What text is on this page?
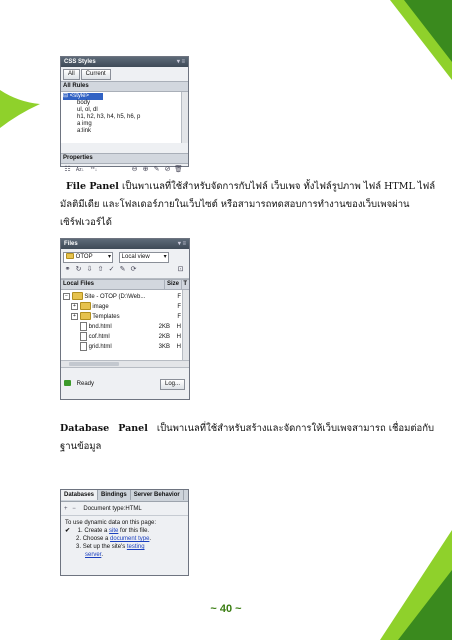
CSS Styles	▾ ≡
All Current
All Rules
⊟ <style>
body
ul, ol, dl
h1, h2, h3, h4, h5, h6, p
a img
a:link
Properties
☷ Az↓ **↓	⊖ ⊕ ✎ ⊘ 🗑
File Panel เป็นพาเนลที่ใช้สำหรับจัดการกับไฟล์ เว็บเพจ ทั้งไฟล์รูปภาพ ไฟล์ HTML ไฟล์
มัลติมีเดีย และโฟลเดอร์ภายในเว็บไซต์ หรือสามารถทดสอบการทำงานของเว็บเพจผ่าน
เซิร์ฟเวอร์ได้
Files	▾ ≡
OTOP	▾ Local view ▾
⚭ ↻ ⇩ ⇧ ✓ ✎ ⟳	⊡
Local Files	Size T
−	Site - OTOP (D:\Web...	F
+	image	F
+	Templates	F
bnd.html	2KB H
cof.html	2KB H
grid.html	3KB H
Ready	Log...
Database Panel เป็นพาเนลที่ใช้สำหรับสร้างและจัดการให้เว็บเพจสามารถ เชื่อมต่อกับ
ฐานข้อมูล
Databases Bindings Server Behavior
+ − Document type:HTML
To use dynamic data on this page:
✔ 1. Create a site for this file.
2. Choose a document type.
3. Set up the site's testing
server.
~ 40 ~
